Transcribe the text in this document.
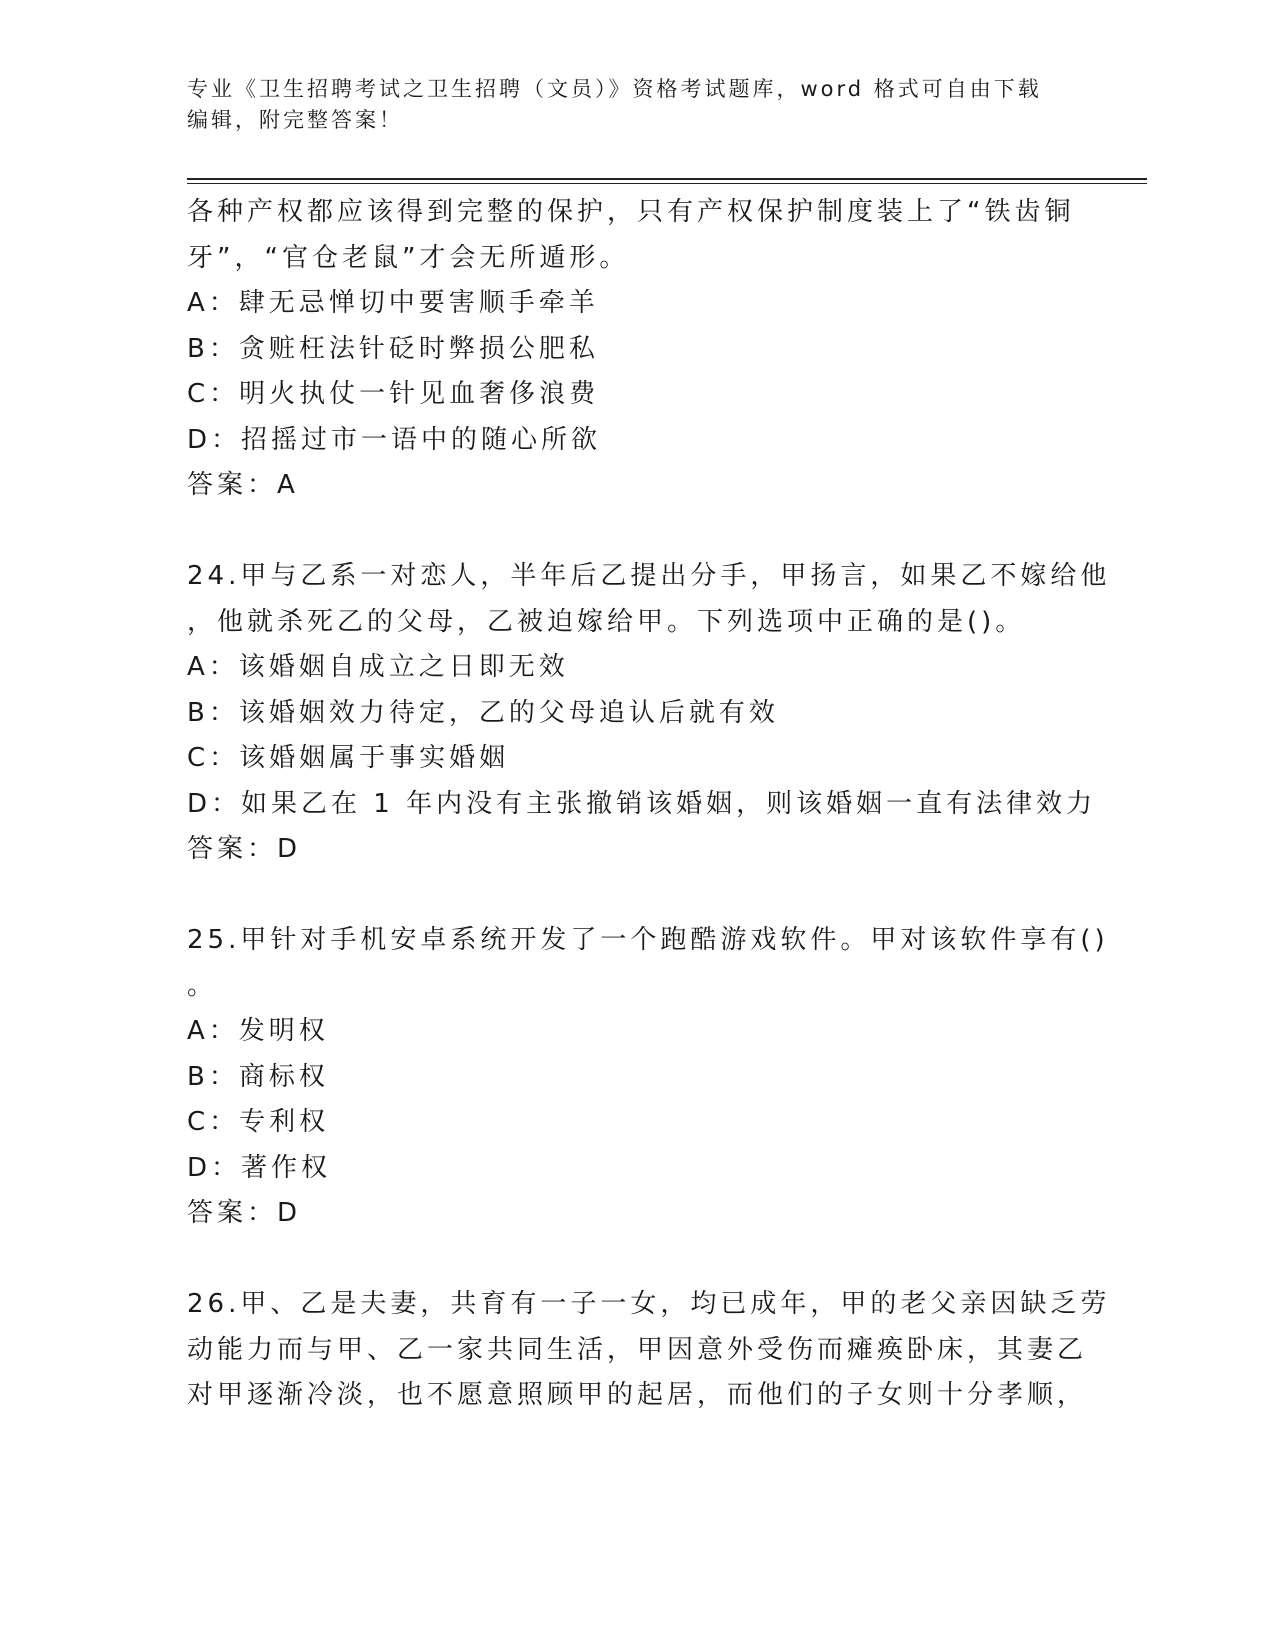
专业《卫生招聘考试之卫生招聘（文员）》资格考试题库，word 格式可自由下载
编辑，附完整答案！
各种产权都应该得到完整的保护，只有产权保护制度装上了“铁齿铜
牙”，“官仓老鼠”才会无所遁形。
A：肆无忌惮切中要害顺手牵羊
B：贪赃枉法针砭时弊损公肥私
C：明火执仗一针见血奢侈浪费
D：招摇过市一语中的随心所欲
答案：A
24.甲与乙系一对恋人，半年后乙提出分手，甲扬言，如果乙不嫁给他
，他就杀死乙的父母，乙被迫嫁给甲。下列选项中正确的是()。
A：该婚姻自成立之日即无效
B：该婚姻效力待定，乙的父母追认后就有效
C：该婚姻属于事实婚姻
D：如果乙在 1 年内没有主张撤销该婚姻，则该婚姻一直有法律效力
答案：D
25.甲针对手机安卓系统开发了一个跑酷游戏软件。甲对该软件享有()
。
A：发明权
B：商标权
C：专利权
D：著作权
答案：D
26.甲、乙是夫妻，共育有一子一女，均已成年，甲的老父亲因缺乏劳
动能力而与甲、乙一家共同生活，甲因意外受伤而瘫痪卧床，其妻乙
对甲逐渐冷淡，也不愿意照顾甲的起居，而他们的子女则十分孝顺，
